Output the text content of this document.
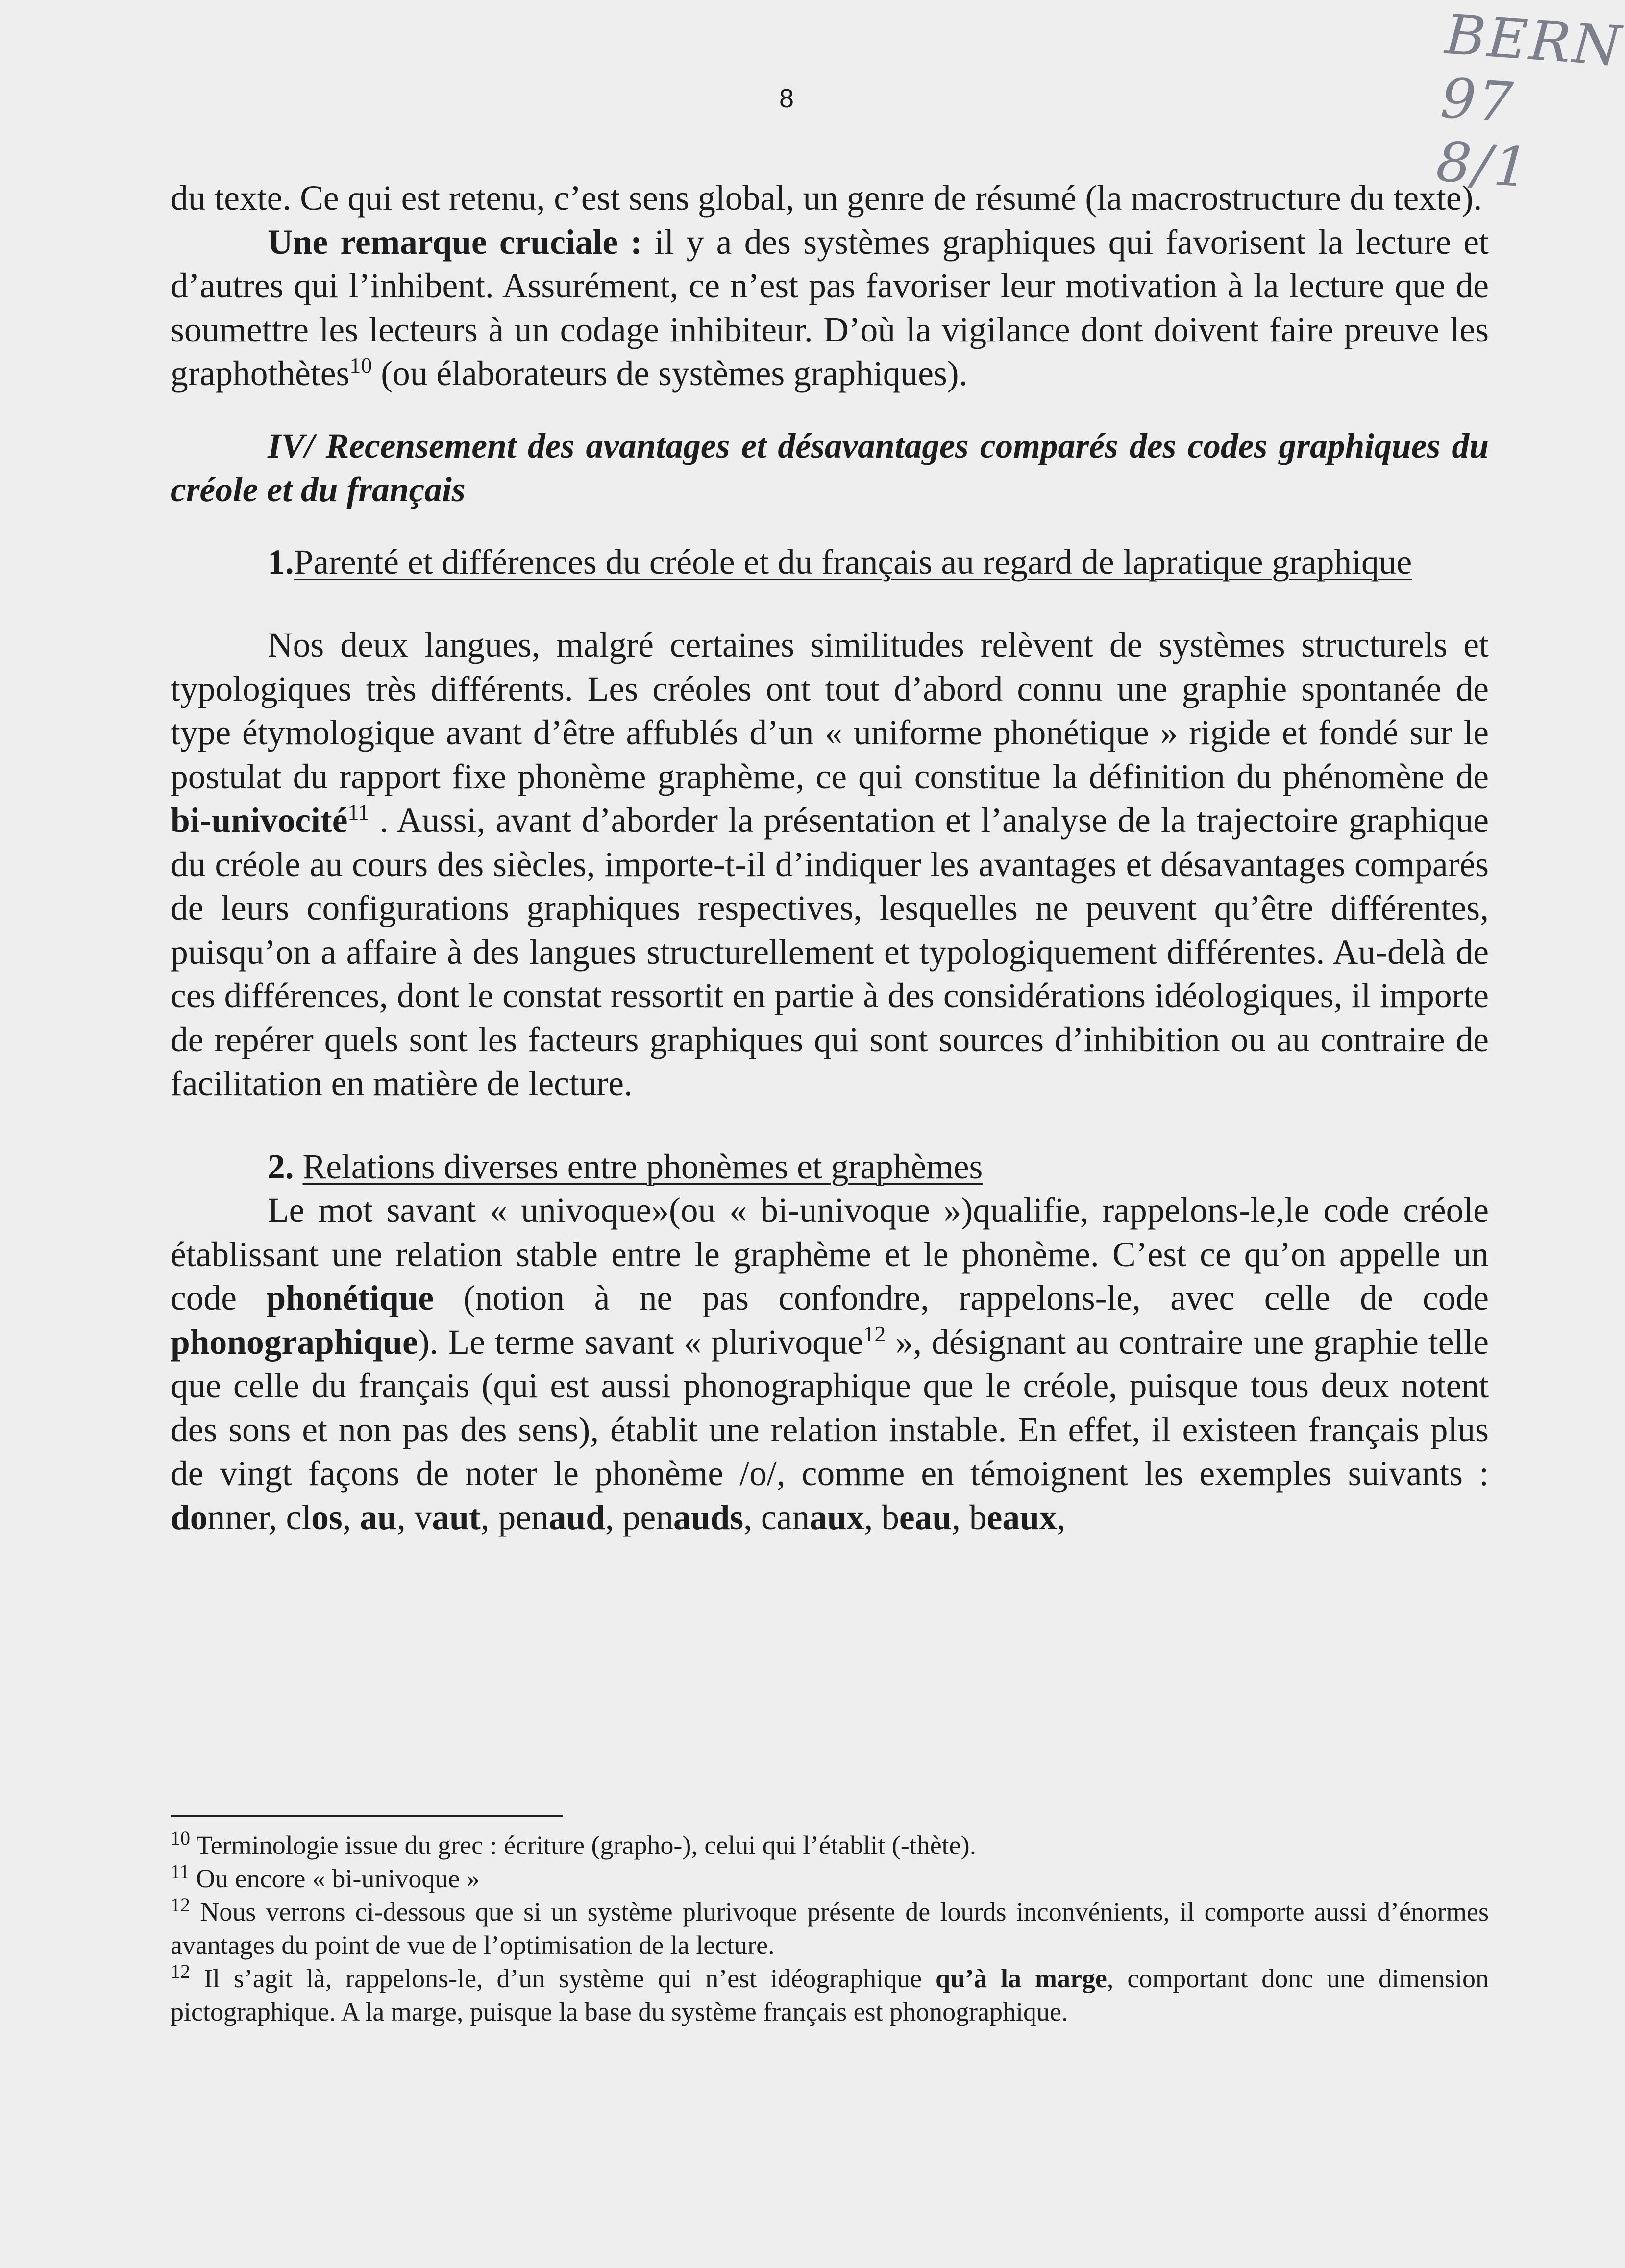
BERN 97 8/1
8

du texte. Ce qui est retenu, c’est sens global, un genre de résumé (la macrostructure du texte).

Une remarque cruciale : il y a des systèmes graphiques qui favorisent la lecture et d’autres qui l’inhibent. Assurément, ce n’est pas favoriser leur motivation à la lecture que de soumettre les lecteurs à un codage inhibiteur. D’où la vigilance dont doivent faire preuve les graphothètes$^{10}$ (ou élaborateurs de systèmes graphiques).

IV/ Recensement des avantages et désavantages comparés des codes graphiques du créole et du français

1.Parenté et différences du créole et du français au regard de lapratique graphique

Nos deux langues, malgré certaines similitudes relèvent de systèmes structurels et typologiques très différents. Les créoles ont tout d’abord connu une graphie spontanée de type étymologique avant d’être affublés d’un « uniforme phonétique » rigide et fondé sur le postulat du rapport fixe phonème graphème, ce qui constitue la définition du phénomène de bi-univocité$^{11}$ . Aussi, avant d’aborder la présentation et l’analyse de la trajectoire graphique du créole au cours des siècles, importe-t-il d’indiquer les avantages et désavantages comparés de leurs configurations graphiques respectives, lesquelles ne peuvent qu’être différentes, puisqu’on a affaire à des langues structurellement et typologiquement différentes. Au-delà de ces différences, dont le constat ressortit en partie à des considérations idéologiques, il importe de repérer quels sont les facteurs graphiques qui sont sources d’inhibition ou au contraire de facilitation en matière de lecture.

2. Relations diverses entre phonèmes et graphèmes

Le mot savant « univoque»(ou « bi-univoque »)qualifie, rappelons-le,le code créole établissant une relation stable entre le graphème et le phonème. C’est ce qu’on appelle un code phonétique (notion à ne pas confondre, rappelons-le, avec celle de code phonographique). Le terme savant « plurivoque$^{12}$ », désignant au contraire une graphie telle que celle du français (qui est aussi phonographique que le créole, puisque tous deux notent des sons et non pas des sens), établit une relation instable. En effet, il existeen français plus de vingt façons de noter le phonème /o/, comme en témoignent les exemples suivants : donner, clos, au, vaut, penaud, penauds, canaux, beau, beaux,

$^{10}$ Terminologie issue du grec : écriture (grapho-), celui qui l’établit (-thète).

$^{11}$ Ou encore « bi-univoque »

$^{12}$ Nous verrons ci-dessous que si un système plurivoque présente de lourds inconvénients, il comporte aussi d’énormes avantages du point de vue de l’optimisation de la lecture.

$^{12}$ Il s’agit là, rappelons-le, d’un système qui n’est idéographique qu’à la marge, comportant donc une dimension pictographique. A la marge, puisque la base du système français est phonographique.
